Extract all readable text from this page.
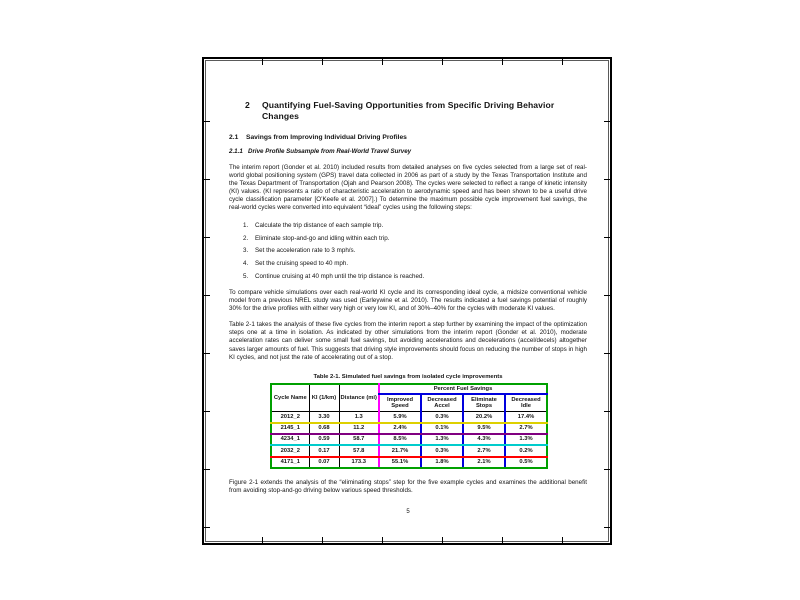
2	Quantifying Fuel-Saving Opportunities from Specific Driving Behavior Changes
2.1	Savings from Improving Individual Driving Profiles
2.1.1 Drive Profile Subsample from Real-World Travel Survey

The interim report (Gonder et al. 2010) included results from detailed analyses on five cycles selected from a large set of real-world global positioning system (GPS) travel data collected in 2006 as part of a study by the Texas Transportation Institute and the Texas Department of Transportation (Ojah and Pearson 2008). The cycles were selected to reflect a range of kinetic intensity (KI) values. (KI represents a ratio of characteristic acceleration to aerodynamic speed and has been shown to be a useful drive cycle classification parameter [O’Keefe et al. 2007].) To determine the maximum possible cycle improvement fuel savings, the real-world cycles were converted into equivalent “ideal” cycles using the following steps:

1.	Calculate the trip distance of each sample trip.
2.	Eliminate stop-and-go and idling within each trip.
3.	Set the acceleration rate to 3 mph/s.
4.	Set the cruising speed to 40 mph.
5.	Continue cruising at 40 mph until the trip distance is reached.

To compare vehicle simulations over each real-world KI cycle and its corresponding ideal cycle, a midsize conventional vehicle model from a previous NREL study was used (Earleywine et al. 2010). The results indicated a fuel savings potential of roughly 30% for the drive profiles with either very high or very low KI, and of 30%–40% for the cycles with moderate KI values.

Table 2-1 takes the analysis of these five cycles from the interim report a step further by examining the impact of the optimization steps one at a time in isolation. As indicated by other simulations from the interim report (Gonder et al. 2010), moderate acceleration rates can deliver some small fuel savings, but avoiding accelerations and decelerations (accel/decels) altogether saves larger amounts of fuel. This suggests that driving style improvements should focus on reducing the number of stops in high KI cycles, and not just the rate of accelerating out of a stop.

Table 2-1. Simulated fuel savings from isolated cycle improvements
Cycle Name	KI (1/km)	Distance (mi)	Percent Fuel Savings			
			Improved Speed	Decreased Accel	Eliminate Stops	Decreased Idle
2012_2	3.30	1.3	5.9%	0.3%	20.2%	17.4%
2145_1	0.68	11.2	2.4%	0.1%	9.5%	2.7%
4234_1	0.59	58.7	8.5%	1.3%	4.3%	1.3%
2032_2	0.17	57.8	21.7%	0.3%	2.7%	0.2%
4171_1	0.07	173.3	55.1%	1.8%	2.1%	0.5%

Figure 2-1 extends the analysis of the “eliminating stops” step for the five example cycles and examines the additional benefit from avoiding stop-and-go driving below various speed thresholds.

5
